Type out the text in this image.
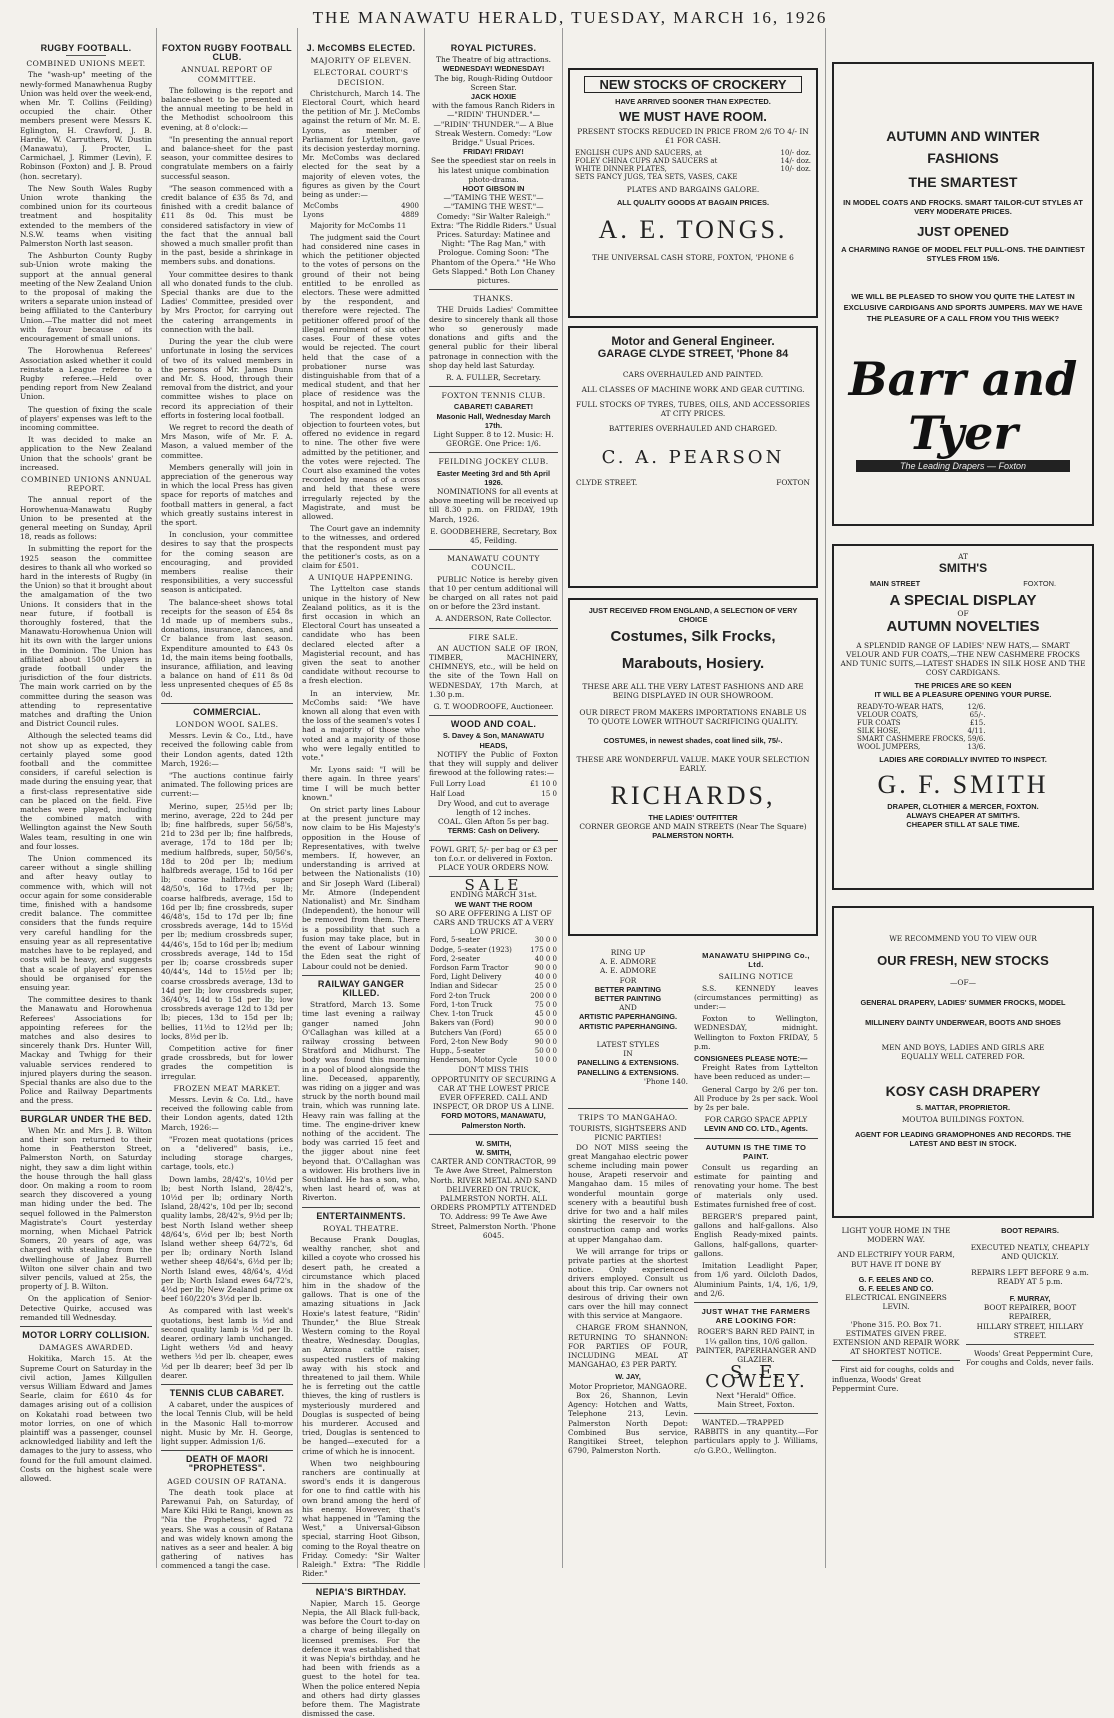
THE MANAWATU HERALD, TUESDAY, MARCH 16, 1926
RUGBY FOOTBALL.
COMBINED UNIONS MEET.

The "wash-up" meeting of the newly-formed Manawhenua Rugby Union was held over the week-end, when Mr. T. Collins (Feilding) occupied the chair. Other members present were Messrs K. Eglington, H. Crawford, J. B. Hardie, W. Carruthers, W. Dustin (Manawatu), J. Procter, L. Carmichael, J. Rimmer (Levin), F. Robinson (Foxton) and J. B. Proud (hon. secretary).

The New South Wales Rugby Union wrote thanking the combined union for its courteous treatment and hospitality extended to the members of the N.S.W. teams when visiting Palmerston North last season.

The Ashburton County Rugby sub-Union wrote making the support at the annual general meeting of the New Zealand Union to the proposal of making the writers a separate union instead of being affiliated to the Canterbury Union.—The matter did not meet with favour because of its encouragement of small unions.

The Horowhenua Referees' Association asked whether it could reinstate a League referee to a Rugby referee.—Held over pending report from New Zealand Union.

The question of fixing the scale of players' expenses was left to the incoming committee.

It was decided to make an application to the New Zealand Union that the schools' grant be increased.

COMBINED UNIONS ANNUAL REPORT.

The annual report of the Horowhenua-Manawatu Rugby Union to be presented at the general meeting on Sunday, April 18, reads as follows:

In submitting the report for the 1925 season the committee desires to thank all who worked so hard in the interests of Rugby (in the Union) so that it brought about the amalgamation of the two Unions. It considers that in the near future, if football is thoroughly fostered, that the Manawatu-Horowhenua Union will hit its own with the larger unions in the Dominion. The Union has affiliated about 1500 players in grade football under the jurisdiction of the four districts. The main work carried on by the committee during the season was attending to representative matches and drafting the Union and District Council rules.

Although the selected teams did not show up as expected, they certainly played some good football and the committee considers, if careful selection is made during the ensuing year, that a first-class representative side can be placed on the field. Five matches were played, including the combined match with Wellington against the New South Wales team, resulting in one win and four losses.

The Union commenced its career without a single shilling and after heavy outlay to commence with, which will not occur again for some considerable time, finished with a handsome credit balance. The committee considers that the funds require very careful handling for the ensuing year as all representative matches have to be replayed, and costs will be heavy, and suggests that a scale of players' expenses should be organised for the ensuing year.

The committee desires to thank the Manawatu and Horowhenua Referees' Associations for appointing referees for the matches and also desires to sincerely thank Drs. Hunter Will, Mackay and Twhigg for their valuable services rendered to injured players during the season. Special thanks are also due to the Police and Railway Departments and the press.

BURGLAR UNDER THE BED.

When Mr. and Mrs J. B. Wilton and their son returned to their home in Featherston Street, Palmerston North, on Saturday night, they saw a dim light within the house through the hall glass door. On making a room to room search they discovered a young man hiding under the bed. The sequel followed in the Palmerston Magistrate's Court yesterday morning, when Michael Patrick Somers, 20 years of age, was charged with stealing from the dwellinghouse of Jabez Burrell Wilton one silver chain and two silver pencils, valued at 25s, the property of J. B. Wilton.

On the application of Senior-Detective Quirke, accused was remanded till Wednesday.

MOTOR LORRY COLLISION.
DAMAGES AWARDED.

Hokitika, March 15. At the Supreme Court on Saturday in the civil action, James Killgullen versus William Edward and James Searle, claim for £610 4s for damages arising out of a collision on Kokatahi road between two motor lorries, on one of which plaintiff was a passenger, counsel acknowledged liability and left the damages to the jury to assess, who found for the full amount claimed. Costs on the highest scale were allowed.

FOXTON RUGBY FOOTBALL CLUB.
ANNUAL REPORT OF COMMITTEE.

The following is the report and balance-sheet to be presented at the annual meeting to be held in the Methodist schoolroom this evening, at 8 o'clock:—

"In presenting the annual report and balance-sheet for the past season, your committee desires to congratulate members on a fairly successful season.

"The season commenced with a credit balance of £35 8s 7d, and finished with a credit balance of £11 8s 0d. This must be considered satisfactory in view of the fact that the annual ball showed a much smaller profit than in the past, beside a shrinkage in members subs. and donations.

Your committee desires to thank all who donated funds to the club. Special thanks are due to the Ladies' Committee, presided over by Mrs Proctor, for carrying out the catering arrangements in connection with the ball.

During the year the club were unfortunate in losing the services of two of its valued members in the persons of Mr. James Dunn and Mr. S. Hood, through their removal from the district, and your committee wishes to place on record its appreciation of their efforts in fostering local football.

We regret to record the death of Mrs Mason, wife of Mr. F. A. Mason, a valued member of the committee.

Members generally will join in appreciation of the generous way in which the local Press has given space for reports of matches and football matters in general, a fact which greatly sustains interest in the sport.

In conclusion, your committee desires to say that the prospects for the coming season are encouraging, and provided members realise their responsibilities, a very successful season is anticipated.

The balance-sheet shows total receipts for the season of £54 8s 1d made up of members subs., donations, insurance, dances, and Cr balance from last season. Expenditure amounted to £43 0s 1d, the main items being footballs, insurance, affiliation, and leaving a balance on hand of £11 8s 0d less unpresented cheques of £5 8s 0d.

COMMERCIAL.
LONDON WOOL SALES.

Messrs. Levin & Co., Ltd., have received the following cable from their London agents, dated 12th March, 1926:—

"The auctions continue fairly animated. The following prices are current:—

Merino, super, 25½d per lb; merino, average, 22d to 24d per lb; fine halfbreds, super 56/58's, 21d to 23d per lb; fine halfbreds, average, 17d to 18d per lb; medium halfbreds, super, 50/56's, 18d to 20d per lb; medium halfbreds average, 15d to 16d per lb; coarse halfbreds, super 48/50's, 16d to 17½d per lb; coarse halfbreds, average, 15d to 16d per lb; fine crossbreds, super 46/48's, 15d to 17d per lb; fine crossbreds average, 14d to 15½d per lb; medium crossbreds super, 44/46's, 15d to 16d per lb; medium crossbreds average, 14d to 15d per lb; coarse crossbreds super 40/44's, 14d to 15½d per lb; coarse crossbreds average, 13d to 14d per lb; low crossbreds super, 36/40's, 14d to 15d per lb; low crossbreds average 12d to 13d per lb; pieces, 13d to 15d per lb; bellies, 11½d to 12½d per lb; locks, 8½d per lb.

Competition active for finer grade crossbreds, but for lower grades the competition is irregular.

FROZEN MEAT MARKET.

Messrs. Levin & Co. Ltd., have received the following cable from their London agents, dated 12th March, 1926:—

"Frozen meat quotations (prices on a "delivered" basis, i.e., including storage charges, cartage, tools, etc.)

Down lambs, 28/42's, 10½d per lb; best North Island, 28/42's, 10½d per lb; ordinary North Island, 28/42's, 10d per lb; second quality lambs, 28/42's, 9½d per lb; best North Island wether sheep 48/64's, 6½d per lb; best North Island wether sheep 64/72's, 6d per lb; ordinary North Island wether sheep 48/64's, 6½d per lb; North Island ewes, 48/64's, 4½d per lb; North Island ewes 64/72's, 4½d per lb; New Zealand prime ox beef 160/220's 3½d per lb.

As compared with last week's quotations, best lamb is ½d and second quality lamb is ½d per lb. dearer, ordinary lamb unchanged. Light wethers ½d and heavy wethers ½d per lb. cheaper, ewes ½d per lb dearer; beef 3d per lb dearer.

TENNIS CLUB CABARET.

A cabaret, under the auspices of the local Tennis Club, will be held in the Masonic Hall to-morrow night. Music by Mr. H. George, light supper. Admission 1/6.

DEATH OF MAORI "PROPHETESS".
AGED COUSIN OF RATANA.

The death took place at Parewanui Pah, on Saturday, of Mare Kiki Hiki te Rangi, known as "Nia the Prophetess," aged 72 years. She was a cousin of Ratana and was widely known among the natives as a seer and healer. A big gathering of natives has commenced a tangi the case.

J. McCOMBS ELECTED.
MAJORITY OF ELEVEN.
ELECTORAL COURT'S DECISION.

Christchurch, March 14. The Electoral Court, which heard the petition of Mr. J. McCombs against the return of Mr. M. E. Lyons, as member of Parliament for Lyttelton, gave its decision yesterday morning. Mr. McCombs was declared elected for the seat by a majority of eleven votes, the figures as given by the Court being as under:—

McCombs	4900
Lyons	4889

Majority for McCombs 11

The judgment said the Court had considered nine cases in which the petitioner objected to the votes of persons on the ground of their not being entitled to be enrolled as electors. These were admitted by the respondent, and therefore were rejected. The petitioner offered proof of the illegal enrolment of six other cases. Four of these votes would be rejected. The court held that the case of a probationer nurse was distinguishable from that of a medical student, and that her place of residence was the hospital, and not in Lyttelton.

The respondent lodged an objection to fourteen votes, but offered no evidence in regard to nine. The other five were admitted by the petitioner, and the votes were rejected. The Court also examined the votes recorded by means of a cross and held that these were irregularly rejected by the Magistrate, and must be allowed.

The Court gave an indemnity to the witnesses, and ordered that the respondent must pay the petitioner's costs, as on a claim for £501.

A UNIQUE HAPPENING.

The Lyttelton case stands unique in the history of New Zealand politics, as it is the first occasion in which an Electoral Court has unseated a candidate who has been declared elected after a Magisterial recount, and has given the seat to another candidate without recourse to a fresh election.

In an interview, Mr. McCombs said: "We have known all along that even with the loss of the seamen's votes I had a majority of those who voted and a majority of those who were legally entitled to vote."

Mr. Lyons said: "I will be there again. In three years' time I will be much better known."

On strict party lines Labour at the present juncture may now claim to be His Majesty's opposition in the House of Representatives, with twelve members. If, however, an understanding is arrived at between the Nationalists (10) and Sir Joseph Ward (Liberal) Mr. Atmore (Independent Nationalist) and Mr. Sindham (Independent), the honour will be removed from them. There is a possibility that such a fusion may take place, but in the event of Labour winning the Eden seat the right of Labour could not be denied.

RAILWAY GANGER KILLED.

Stratford, March 13. Some time last evening a railway ganger named John O'Callaghan was killed at a railway crossing between Stratford and Midhurst. The body was found this morning in a pool of blood alongside the line. Deceased, apparently, was riding on a jigger and was struck by the north bound mail train, which was running late. Heavy rain was falling at the time. The engine-driver knew nothing of the accident. The body was carried 15 feet and the jigger about nine feet beyond that. O'Callaghan was a widower. His brothers live in Southland. He has a son, who, when last heard of, was at Riverton.

ENTERTAINMENTS.
ROYAL THEATRE.

Because Frank Douglas, wealthy rancher, shot and killed a coyote who crossed his desert path, he created a circumstance which placed him in the shadow of the gallows. That is one of the amazing situations in Jack Hoxie's latest feature, "Ridin' Thunder," the Blue Streak Western coming to the Royal theatre, Wednesday. Douglas, an Arizona cattle raiser, suspected rustlers of making away with his stock and threatened to jail them. While he is ferreting out the cattle thieves, the king of rustlers is mysteriously murdered and Douglas is suspected of being his murderer. Accused and tried, Douglas is sentenced to be hanged—executed for a crime of which he is innocent.

When two neighbouring ranchers are continually at sword's ends it is dangerous for one to find cattle with his own brand among the herd of his enemy. However, that's what happened in "Taming the West," a Universal-Gibson special, starring Hoot Gibson, coming to the Royal theatre on Friday. Comedy: "Sir Walter Raleigh." Extra: "The Riddle Rider."

NEPIA'S BIRTHDAY.

Napier, March 15. George Nepia, the All Black full-back, was before the Court to-day on a charge of being illegally on licensed premises. For the defence it was established that it was Nepia's birthday, and he had been with friends as a guest to the hotel for tea. When the police entered Nepia and others had dirty glasses before them. The Magistrate dismissed the case.

ROYAL PICTURES.
The Theatre of big attractions.
WEDNESDAY! WEDNESDAY!
The big, Rough-Riding Outdoor Screen Star.
JACK HOXIE
with the famous Ranch Riders in —"RIDIN' THUNDER."— —"RIDIN' THUNDER."— A Blue Streak Western. Comedy: "Low Bridge." Usual Prices.
FRIDAY! FRIDAY!
See the speediest star on reels in his latest unique combination photo-drama.
HOOT GIBSON IN
—"TAMING THE WEST."— —"TAMING THE WEST."— Comedy: "Sir Walter Raleigh." Extra: "The Riddle Riders." Usual Prices. Saturday: Matinee and Night: "The Rag Man," with Prologue. Coming Soon: "The Phantom of the Opera." "He Who Gets Slapped." Both Lon Chaney pictures.
THANKS.

THE Druids Ladies' Committee desire to sincerely thank all those who so generously made donations and gifts and the general public for their liberal patronage in connection with the shop day held last Saturday.

R. A. FULLER, Secretary.
FOXTON TENNIS CLUB.
CABARET! CABARET!
Masonic Hall, Wednesday March 17th.
Light Supper. 8 to 12. Music: H. GEORGE. One Price: 1/6.
FEILDING JOCKEY CLUB.
Easter Meeting 3rd and 5th April 1926.

NOMINATIONS for all events at above meeting will be received up till 8.30 p.m. on FRIDAY, 19th March, 1926.

E. GOODBEHERE, Secretary, Box 45, Feilding.
MANAWATU COUNTY COUNCIL.

PUBLIC Notice is hereby given that 10 per centum additional will be charged on all rates not paid on or before the 23rd instant.

A. ANDERSON, Rate Collector.
FIRE SALE.

AN AUCTION SALE OF IRON, TIMBER, MACHINERY, CHIMNEYS, etc., will be held on the site of the Town Hall on WEDNESDAY, 17th March, at 1.30 p.m.

G. T. WOODROOFE, Auctioneer.
WOOD AND COAL.
S. Davey & Son, MANAWATU HEADS,

NOTIFY the Public of Foxton that they will supply and deliver firewood at the following rates:—

Full Lorry Load	£1 10 0
Half Load	15 0
Dry Wood, and cut to average length of 12 inches.
COAL. Glen Afton 5s per bag.
TERMS: Cash on Delivery.
FOWL GRIT, 5/- per bag or £3 per ton f.o.r. or delivered in Foxton. PLACE YOUR ORDERS NOW.
SALE
ENDING MARCH 31st.
WE WANT THE ROOM
SO ARE OFFERING A LIST OF CARS AND TRUCKS AT A VERY LOW PRICE.
Ford, 5-seater	30 0 0
Dodge, 5-seater (1923)	175 0 0
Ford, 2-seater	40 0 0
Fordson Farm Tractor	90 0 0
Ford, Light Delivery	40 0 0
Indian and Sidecar	25 0 0
Ford 2-ton Truck	200 0 0
Ford, 1-ton Truck	75 0 0
Chev. 1-ton Truck	45 0 0
Bakers van (Ford)	90 0 0
Butchers Van (Ford)	65 0 0
Ford, 2-ton New Body	90 0 0
Hupp., 5-seater	50 0 0
Henderson, Motor Cycle	10 0 0
DON'T MISS THIS OPPORTUNITY OF SECURING A CAR AT THE LOWEST PRICE EVER OFFERED. CALL AND INSPECT, OR DROP US A LINE.
FORD MOTORS, MANAWATU, Palmerston North.
W. SMITH,
W. SMITH,
CARTER AND CONTRACTOR, 99 Te Awe Awe Street, Palmerston North. RIVER METAL AND SAND DELIVERED ON TRUCK, PALMERSTON NORTH. ALL ORDERS PROMPTLY ATTENDED TO. Address: 99 Te Awe Awe Street, Palmerston North. 'Phone 6045.
NEW STOCKS OF CROCKERY
HAVE ARRIVED SOONER THAN EXPECTED.
WE MUST HAVE ROOM.
PRESENT STOCKS REDUCED IN PRICE FROM 2/6 TO 4/- IN £1 FOR CASH.
ENGLISH CUPS AND SAUCERS, at	10/- doz.
FOLEY CHINA CUPS AND SAUCERS at	14/- doz.
WHITE DINNER PLATES,	10/- doz.
SETS FANCY JUGS, TEA SETS, VASES, CAKE	
PLATES AND BARGAINS GALORE.
ALL QUALITY GOODS AT BAGAIN PRICES.
A. E. TONGS.
THE UNIVERSAL CASH STORE, FOXTON, 'PHONE 6
Motor and General Engineer.
GARAGE CLYDE STREET, 'Phone 84
CARS OVERHAULED AND PAINTED.
ALL CLASSES OF MACHINE WORK AND GEAR CUTTING.
FULL STOCKS OF TYRES, TUBES, OILS, AND ACCESSORIES AT CITY PRICES.
BATTERIES OVERHAULED AND CHARGED.
C. A. PEARSON
CLYDE STREET.	FOXTON
JUST RECEIVED FROM ENGLAND, A SELECTION OF VERY CHOICE
Costumes, Silk Frocks,
Marabouts, Hosiery.
THESE ARE ALL THE VERY LATEST FASHIONS AND ARE BEING DISPLAYED IN OUR SHOWROOM.
OUR DIRECT FROM MAKERS IMPORTATIONS ENABLE US TO QUOTE LOWER WITHOUT SACRIFICING QUALITY.
COSTUMES, in newest shades, coat lined silk, 75/-.
THESE ARE WONDERFUL VALUE. MAKE YOUR SELECTION EARLY.
RICHARDS,
THE LADIES' OUTFITTER
CORNER GEORGE AND MAIN STREETS (Near The Square)
PALMERSTON NORTH.
RING UP
A. E. ADMORE
A. E. ADMORE
FOR
BETTER PAINTING
BETTER PAINTING
AND
ARTISTIC PAPERHANGING.
ARTISTIC PAPERHANGING.
LATEST STYLES
IN
PANELLING & EXTENSIONS.
PANELLING & EXTENSIONS.
'Phone 140.
TRIPS TO MANGAHAO.
TOURISTS, SIGHTSEERS AND PICNIC PARTIES!

DO NOT MISS seeing the great Mangahao electric power scheme including main power house, Arapeti reservoir and Mangahao dam. 15 miles of wonderful mountain gorge scenery with a beautiful bush drive for two and a half miles skirting the reservoir to the construction camp and works at upper Mangahao dam.

We will arrange for trips or private parties at the shortest notice. Only experienced drivers employed. Consult us about this trip. Car owners not desirous of driving their own cars over the hill may connect with this service at Mangaore.

CHARGE FROM SHANNON, RETURNING TO SHANNON: FOR PARTIES OF FOUR, INCLUDING MEAL AT MANGAHAO, £3 PER PARTY.

W. JAY,
Motor Proprietor, MANGAORE.

Box 26, Shannon, Levin Agency: Hotchen and Watts, Telephone 213, Levin. Palmerston North Depot: Combined Bus service, Rangitikei Street, telephon 6790, Palmerston North.

MANAWATU SHIPPING Co., Ltd.
SAILING NOTICE

S.S. KENNEDY leaves (circumstances permitting) as under:—

Foxton to Wellington, WEDNESDAY, midnight. Wellington to Foxton FRIDAY, 5 p.m.

CONSIGNEES PLEASE NOTE:—

Freight Rates from Lyttelton have been reduced as under:—

General Cargo by 2/6 per ton. All Produce by 2s per sack. Wool by 2s per bale.

FOR CARGO SPACE APPLY
LEVIN AND CO. LTD., Agents.
AUTUMN IS THE TIME TO PAINT.

Consult us regarding an estimate for painting and renovating your home. The best of materials only used. Estimates furnished free of cost.

BERGER'S prepared paint, gallons and half-gallons. Also English Ready-mixed paints. Gallons, half-gallons, quarter-gallons.

Imitation Leadlight Paper, from 1/6 yard. Oilcloth Dados, Aluminium Paints, 1/4, 1/6, 1/9, and 2/6.

JUST WHAT THE FARMERS ARE LOOKING FOR:
ROGER'S BARN RED PAINT, in 1¼ gallon tins, 10/6 gallon.
PAINTER, PAPERHANGER AND GLAZIER.
S. E. COWLEY.
Next "Herald" Office.
Main Street, Foxton.

WANTED.—TRAPPED RABBITS in any quantity.—For particulars apply to J. Williams, c/o G.P.O., Wellington.

AUTUMN AND WINTER
FASHIONS
THE SMARTEST
IN MODEL COATS AND FROCKS. SMART TAILOR-CUT STYLES AT VERY MODERATE PRICES.
JUST OPENED
A CHARMING RANGE OF MODEL FELT PULL-ONS. THE DAINTIEST STYLES FROM 15/6.
WE WILL BE PLEASED TO SHOW YOU QUITE THE LATEST IN EXCLUSIVE CARDIGANS AND SPORTS JUMPERS. MAY WE HAVE THE PLEASURE OF A CALL FROM YOU THIS WEEK?
Barr and Tyer
The Leading Drapers — Foxton
AT
SMITH'S
MAIN STREET	FOXTON.
A SPECIAL DISPLAY
OF
AUTUMN NOVELTIES
A SPLENDID RANGE OF LADIES' NEW HATS,— SMART VELOUR AND FUR COATS,—THE NEW CASHMERE FROCKS AND TUNIC SUITS,—LATEST SHADES IN SILK HOSE AND THE COSY CARDIGANS.
THE PRICES ARE SO KEEN
IT WILL BE A PLEASURE OPENING YOUR PURSE.
READY-TO-WEAR HATS,	12/6.
VELOUR COATS,	65/-.
FUR COATS	£15.
SILK HOSE,	4/11.
SMART CASHMERE FROCKS,	59/6.
WOOL JUMPERS,	13/6.
LADIES ARE CORDIALLY INVITED TO INSPECT.
G. F. SMITH
DRAPER, CLOTHIER & MERCER, FOXTON.
ALWAYS CHEAPER AT SMITH'S.
CHEAPER STILL AT SALE TIME.
WE RECOMMEND YOU TO VIEW OUR
OUR FRESH, NEW STOCKS
—OF—
GENERAL DRAPERY, LADIES' SUMMER FROCKS, MODEL MILLINERY DAINTY UNDERWEAR, BOOTS AND SHOES
MEN AND BOYS, LADIES AND GIRLS ARE EQUALLY WELL CATERED FOR.
KOSY CASH DRAPERY
S. MATTAR, PROPRIETOR.
MOUTOA BUILDINGS FOXTON.
AGENT FOR LEADING GRAMOPHONES AND RECORDS. THE LATEST AND BEST IN STOCK.
LIGHT YOUR HOME IN THE MODERN WAY.
AND ELECTRIFY YOUR FARM, BUT HAVE IT DONE BY
G. F. EELES AND CO.
G. F. EELES AND CO.
ELECTRICAL ENGINEERS LEVIN.
'Phone 315. P.O. Box 71.
ESTIMATES GIVEN FREE. EXTENSION AND REPAIR WORK AT SHORTEST NOTICE.

First aid for coughs, colds and influenza, Woods' Great Peppermint Cure.

BOOT REPAIRS.
EXECUTED NEATLY, CHEAPLY AND QUICKLY.
REPAIRS LEFT BEFORE 9 a.m. READY AT 5 p.m.
F. MURRAY,
BOOT REPAIRER, BOOT REPAIRER,
HILLARY STREET, HILLARY STREET.

Woods' Great Peppermint Cure, For coughs and Colds, never fails.
